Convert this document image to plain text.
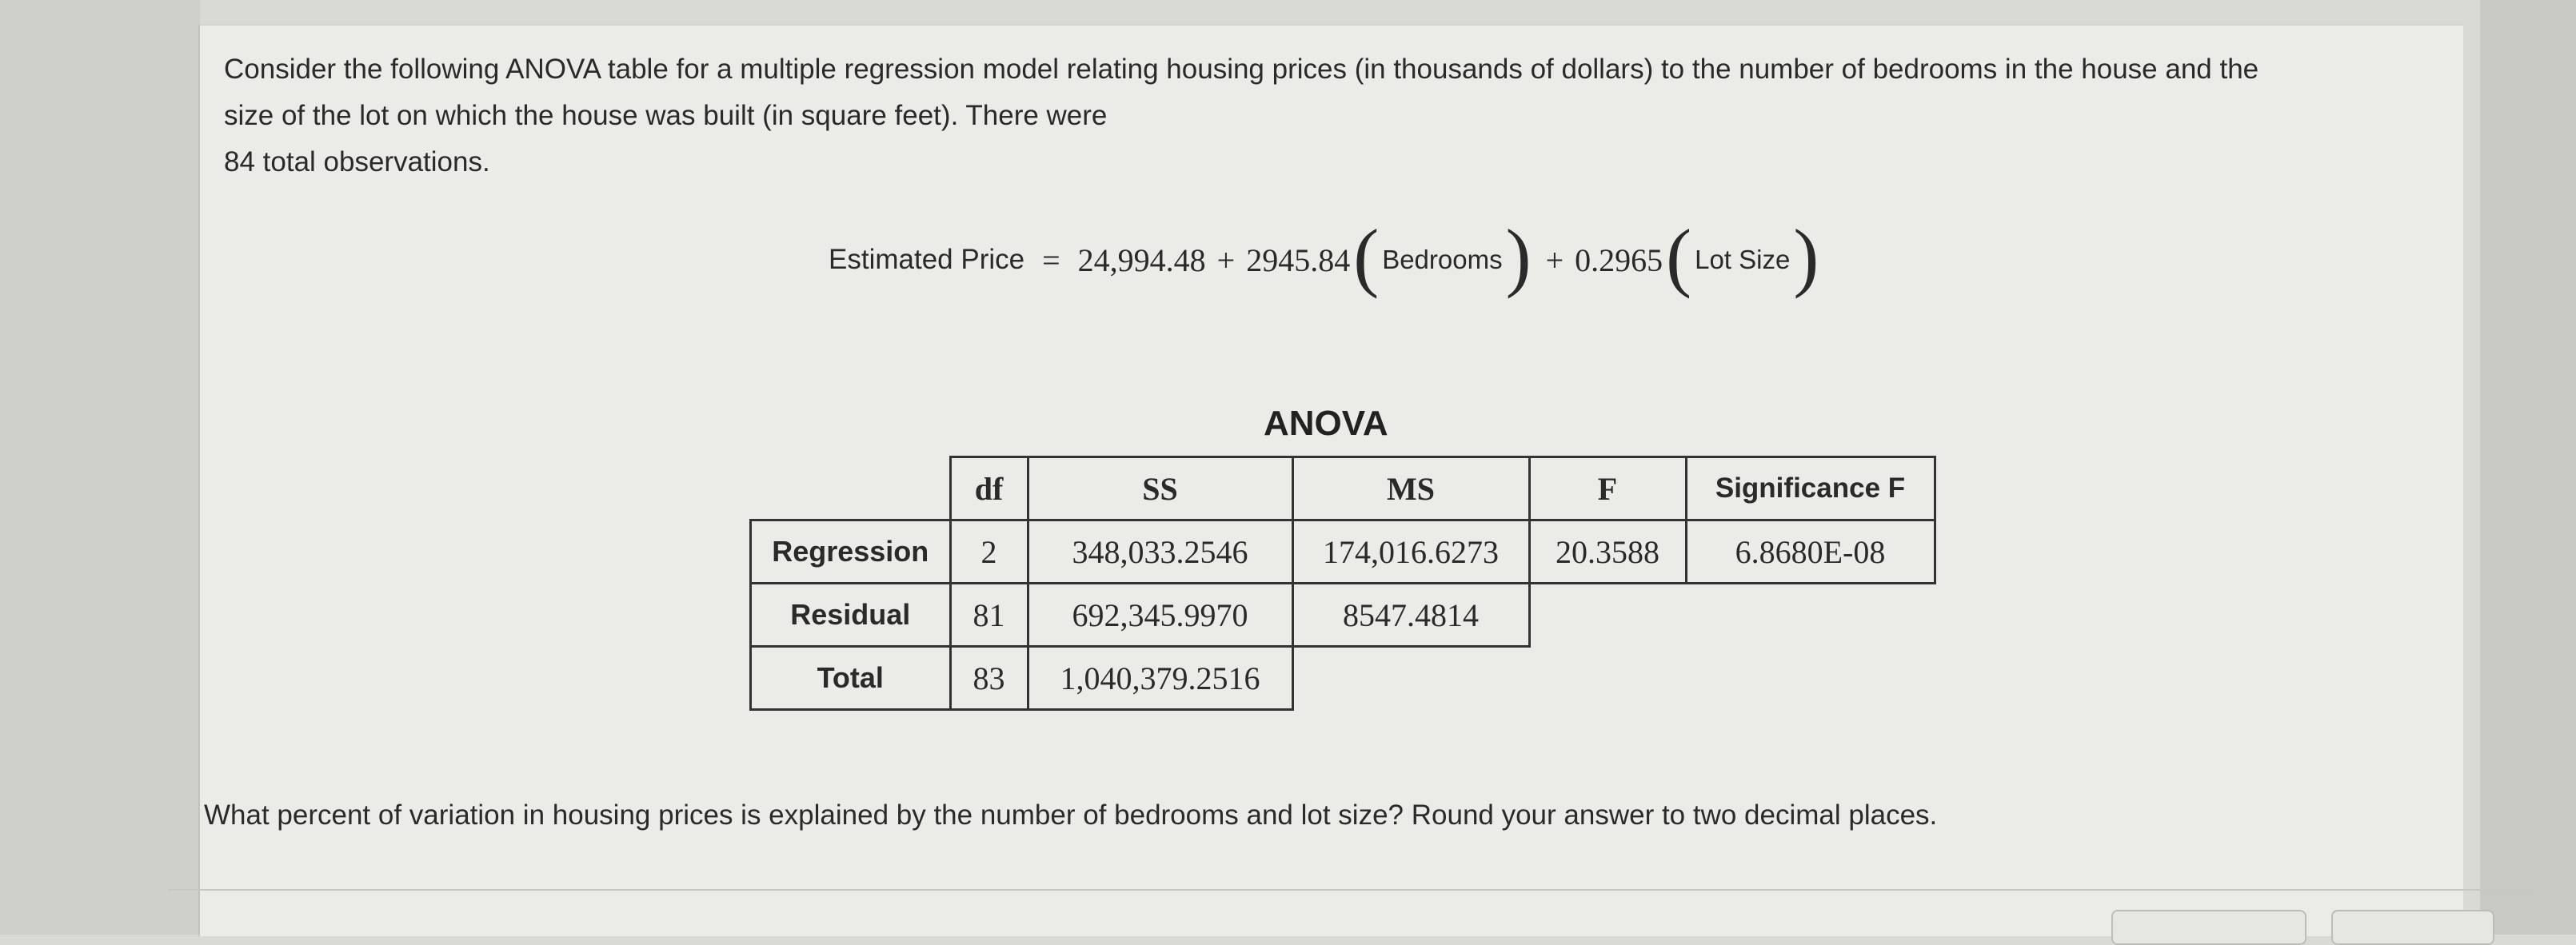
Consider the following ANOVA table for a multiple regression model relating housing prices (in thousands of dollars) to the number of bedrooms in the house and the
size of the lot on which the house was built (in square feet). There were
84 total observations.

Estimated Price = 24,994.48 + 2945.84 ( Bedrooms ) + 0.2965 ( Lot Size )
ANOVA
	df	SS	MS	F	Significance F
Regression	2	348,033.2546	174,016.6273	20.3588	6.8680E-08
Residual	81	692,345.9970	8547.4814		
Total	83	1,040,379.2516			

What percent of variation in housing prices is explained by the number of bedrooms and lot size? Round your answer to two decimal places.
